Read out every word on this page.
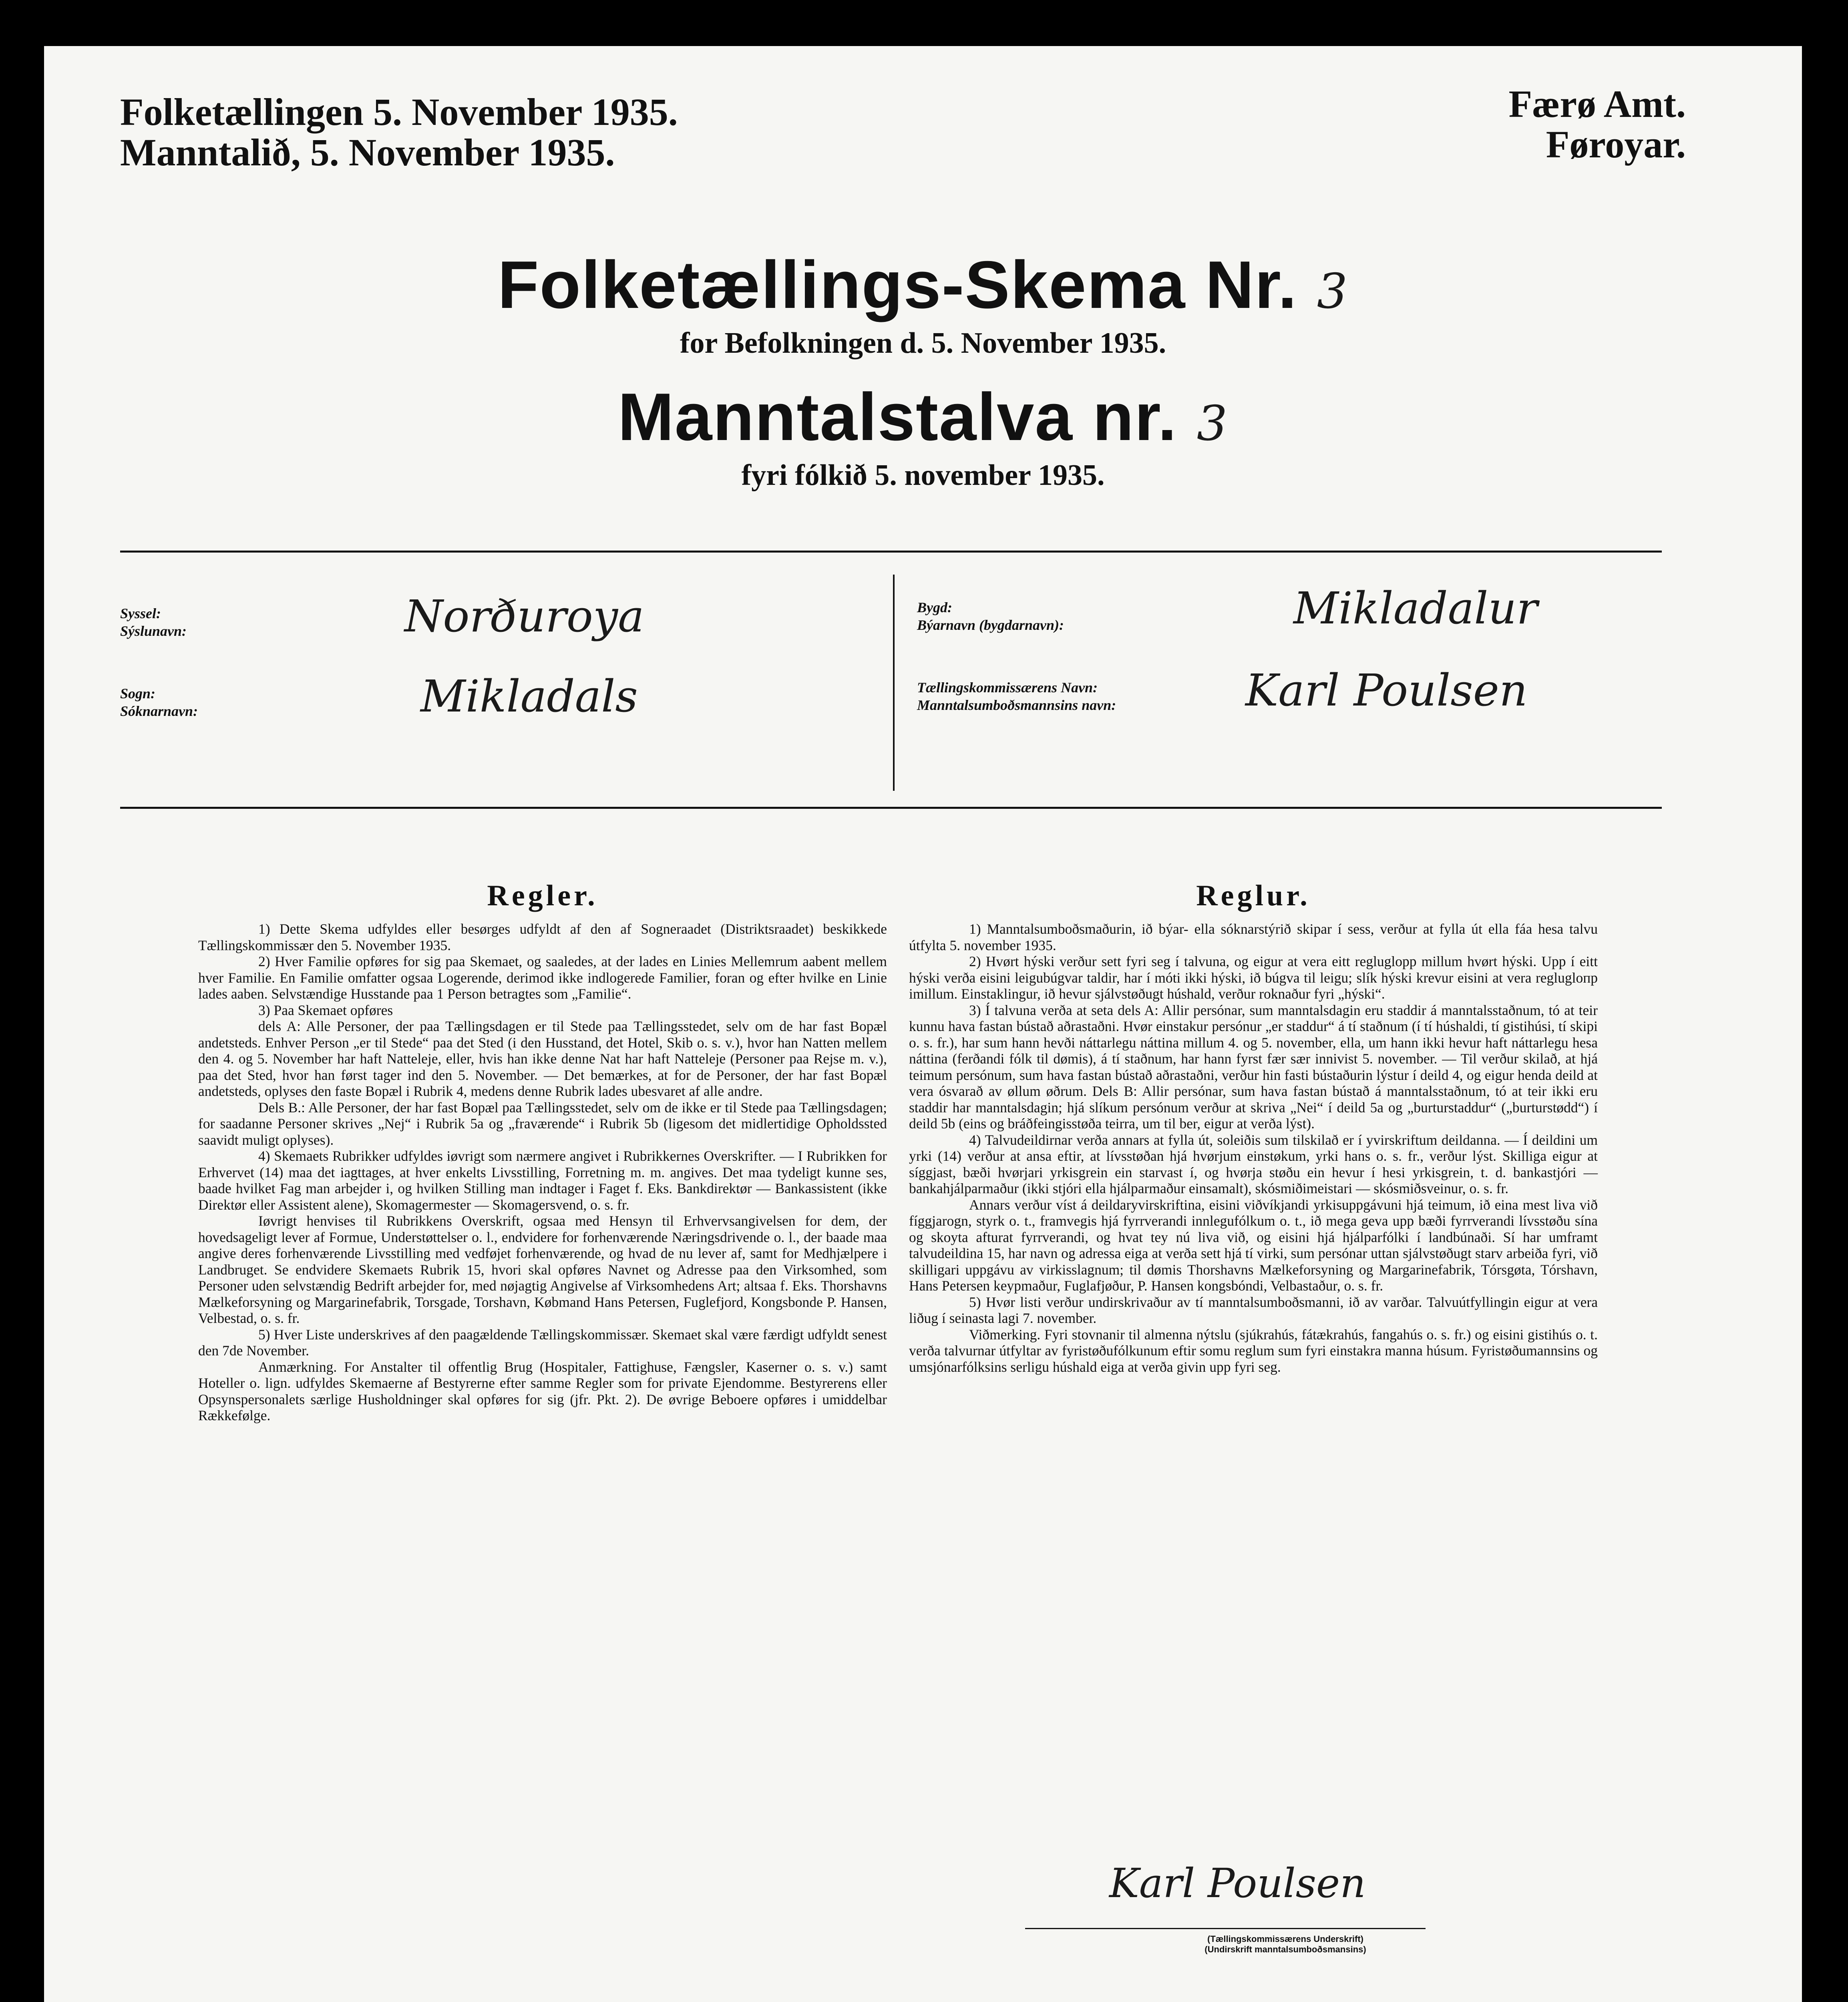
Folketællingen 5. November 1935.
Manntalið, 5. November 1935.
Færø Amt.
Føroyar.
Folketællings-Skema Nr. 3
for Befolkningen d. 5. November 1935.
Manntalstalva nr. 3
fyri fólkið 5. november 1935.
Syssel:
Sýslunavn:	Norðuroya
Sogn:
Sóknarnavn:	Mikladals
Bygd:
Býarnavn (bygdarnavn):	Mikladalur
Tællingskommissærens Navn:
Manntalsumboðsmannsins navn:	Karl Poulsen
Regler.

1) Dette Skema udfyldes eller besørges udfyldt af den af Sogneraadet (Distriktsraadet) beskikkede Tællingskommissær den 5. November 1935.

2) Hver Familie opføres for sig paa Skemaet, og saaledes, at der lades en Linies Mellemrum aabent mellem hver Familie. En Familie omfatter ogsaa Logerende, derimod ikke indlogerede Familier, foran og efter hvilke en Linie lades aaben. Selvstændige Husstande paa 1 Person betragtes som „Familie“.

3) Paa Skemaet opføres

dels A: Alle Personer, der paa Tællingsdagen er til Stede paa Tællingsstedet, selv om de har fast Bopæl andetsteds. Enhver Person „er til Stede“ paa det Sted (i den Husstand, det Hotel, Skib o. s. v.), hvor han Natten mellem den 4. og 5. November har haft Natteleje, eller, hvis han ikke denne Nat har haft Natteleje (Personer paa Rejse m. v.), paa det Sted, hvor han først tager ind den 5. November. — Det bemærkes, at for de Personer, der har fast Bopæl andetsteds, oplyses den faste Bopæl i Rubrik 4, medens denne Rubrik lades ubesvaret af alle andre.

Dels B.: Alle Personer, der har fast Bopæl paa Tællingsstedet, selv om de ikke er til Stede paa Tællingsdagen; for saadanne Personer skrives „Nej“ i Rubrik 5a og „fraværende“ i Rubrik 5b (ligesom det midlertidige Opholdssted saavidt muligt oplyses).

4) Skemaets Rubrikker udfyldes iøvrigt som nærmere angivet i Rubrikkernes Overskrifter. — I Rubrikken for Erhvervet (14) maa det iagttages, at hver enkelts Livsstilling, Forretning m. m. angives. Det maa tydeligt kunne ses, baade hvilket Fag man arbejder i, og hvilken Stilling man indtager i Faget f. Eks. Bankdirektør — Bankassistent (ikke Direktør eller Assistent alene), Skomagermester — Skomagersvend, o. s. fr.

Iøvrigt henvises til Rubrikkens Overskrift, ogsaa med Hensyn til Erhvervsangivelsen for dem, der hovedsageligt lever af Formue, Understøttelser o. l., endvidere for forhenværende Næringsdrivende o. l., der baade maa angive deres forhenværende Livsstilling med vedføjet forhenværende, og hvad de nu lever af, samt for Medhjælpere i Landbruget. Se endvidere Skemaets Rubrik 15, hvori skal opføres Navnet og Adresse paa den Virksomhed, som Personer uden selvstændig Bedrift arbejder for, med nøjagtig Angivelse af Virksomhedens Art; altsaa f. Eks. Thorshavns Mælkeforsyning og Margarinefabrik, Torsgade, Torshavn, Købmand Hans Petersen, Fuglefjord, Kongsbonde P. Hansen, Velbestad, o. s. fr.

5) Hver Liste underskrives af den paagældende Tællingskommissær. Skemaet skal være færdigt udfyldt senest den 7de November.

Anmærkning. For Anstalter til offentlig Brug (Hospitaler, Fattighuse, Fængsler, Kaserner o. s. v.) samt Hoteller o. lign. udfyldes Skemaerne af Bestyrerne efter samme Regler som for private Ejendomme. Bestyrerens eller Opsynspersonalets særlige Husholdninger skal opføres for sig (jfr. Pkt. 2). De øvrige Beboere opføres i umiddelbar Rækkefølge.

Reglur.

1) Manntalsumboðsmaðurin, ið býar- ella sóknarstýrið skipar í sess, verður at fylla út ella fáa hesa talvu útfylta 5. november 1935.

2) Hvørt hýski verður sett fyri seg í talvuna, og eigur at vera eitt regluglopp millum hvørt hýski. Upp í eitt hýski verða eisini leigubúgvar taldir, har í móti ikki hýski, ið búgva til leigu; slík hýski krevur eisini at vera reglugloпp imillum. Einstaklingur, ið hevur sjálvstøðugt húshald, verður roknaður fyri „hýski“.

3) Í talvuna verða at seta dels A: Allir persónar, sum manntalsdagin eru staddir á manntalsstaðnum, tó at teir kunnu hava fastan bústað aðrastaðni. Hvør einstakur persónur „er staddur“ á tí staðnum (í tí húshaldi, tí gistihúsi, tí skipi o. s. fr.), har sum hann hevði náttarlegu náttina millum 4. og 5. november, ella, um hann ikki hevur haft náttarlegu hesa náttina (ferðandi fólk til dømis), á tí staðnum, har hann fyrst fær sær innivist 5. november. — Til verður skilað, at hjá teimum persónum, sum hava fastan bústað aðrastaðni, verður hin fasti bústaðurin lýstur í deild 4, og eigur henda deild at vera ósvarað av øllum øðrum. Dels B: Allir persónar, sum hava fastan bústað á manntalsstaðnum, tó at teir ikki eru staddir har manntalsdagin; hjá slíkum persónum verður at skriva „Nei“ í deild 5a og „burturstaddur“ („burturstødd“) í deild 5b (eins og bráðfeingisstøða teirra, um til ber, eigur at verða lýst).

4) Talvudeildirnar verða annars at fylla út, soleiðis sum tilskilað er í yvirskriftum deildanna. — Í deildini um yrki (14) verður at ansa eftir, at lívsstøðan hjá hvørjum einstøkum, yrki hans o. s. fr., verður lýst. Skilliga eigur at síggjast, bæði hvørjari yrkisgrein ein starvast í, og hvørja støðu ein hevur í hesi yrkisgrein, t. d. bankastjóri — bankahjálparmaður (ikki stjóri ella hjálparmaður einsamalt), skósmiðimeistari — skósmiðsveinur, o. s. fr.

Annars verður víst á deildaryvirskriftina, eisini viðvíkjandi yrkisuppgávuni hjá teimum, ið eina mest liva við fíggjarogn, styrk o. t., framvegis hjá fyrrverandi innlegufólkum o. t., ið mega geva upp bæði fyrrverandi lívsstøðu sína og skoyta afturat fyrrverandi, og hvat tey nú liva við, og eisini hjá hjálparfólki í landbúnaði. Sí har umframt talvudeildina 15, har navn og adressa eiga at verða sett hjá tí virki, sum persónar uttan sjálvstøðugt starv arbeiða fyri, við skilligari uppgávu av virkisslagnum; til dømis Thorshavns Mælkeforsyning og Margarinefabrik, Tórsgøta, Tórshavn, Hans Petersen keypmaður, Fuglafjøður, P. Hansen kongsbóndi, Velbastaður, o. s. fr.

5) Hvør listi verður undirskrivaður av tí manntalsumboðsmanni, ið av varðar. Talvuútfyllingin eigur at vera liðug í seinasta lagi 7. november.

Viðmerking. Fyri stovnanir til almenna nýtslu (sjúkrahús, fátækrahús, fangahús o. s. fr.) og eisini gistihús o. t. verða talvurnar útfyltar av fyristøðufólkunum eftir somu reglum sum fyri einstakra manna húsum. Fyristøðumannsins og umsjónarfólksins serligu húshald eiga at verða givin upp fyri seg.

Karl Poulsen
(Tællingskommissærens Underskrift)
(Undirskrift manntalsumboðsmansins)
